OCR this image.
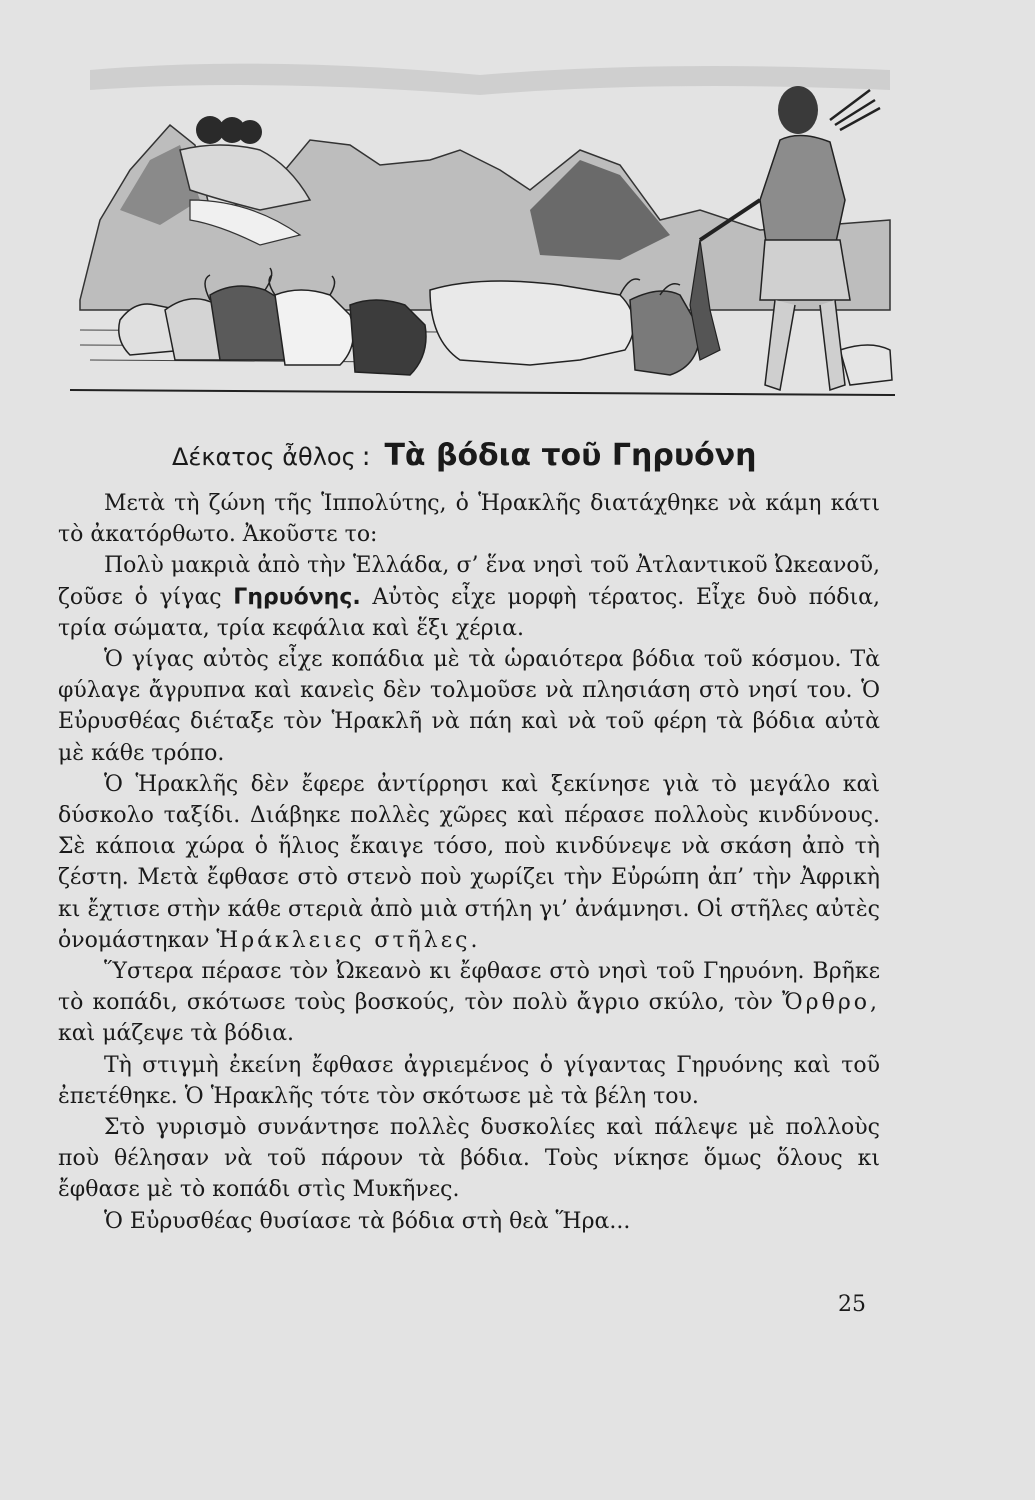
Δέκατος ἆθλος : Τὰ βόδια τοῦ Γηρυόνη

Μετὰ τὴ ζώνη τῆς Ἱππολύτης, ὁ Ἡρακλῆς διατάχθηκε νὰ κάμη κάτι τὸ ἀκατόρθωτο. Ἀκοῦστε το:

Πολὺ μακριὰ ἀπὸ τὴν Ἑλλάδα, σ’ ἕνα νησὶ τοῦ Ἀτλαντικοῦ Ὠκεανοῦ, ζοῦσε ὁ γίγας Γηρυόνης. Αὐτὸς εἶχε μορφὴ τέρατος. Εἶχε δυὸ πόδια, τρία σώματα, τρία κεφάλια καὶ ἕξι χέρια.

Ὁ γίγας αὐτὸς εἶχε κοπάδια μὲ τὰ ὡραιότερα βόδια τοῦ κόσμου. Τὰ φύλαγε ἄγρυπνα καὶ κανεὶς δὲν τολμοῦσε νὰ πλησιάση στὸ νησί του. Ὁ Εὐρυσθέας διέταξε τὸν Ἡρακλῆ νὰ πάη καὶ νὰ τοῦ φέρη τὰ βόδια αὐτὰ μὲ κάθε τρόπο.

Ὁ Ἡρακλῆς δὲν ἔφερε ἀντίρρησι καὶ ξεκίνησε γιὰ τὸ μεγάλο καὶ δύσκολο ταξίδι. Διάβηκε πολλὲς χῶρες καὶ πέρασε πολλοὺς κινδύνους. Σὲ κάποια χώρα ὁ ἥλιος ἔκαιγε τόσο, ποὺ κινδύνεψε νὰ σκάση ἀπὸ τὴ ζέστη. Μετὰ ἔφθασε στὸ στενὸ ποὺ χωρίζει τὴν Εὐρώπη ἀπ’ τὴν Ἀφρικὴ κι ἔχτισε στὴν κάθε στεριὰ ἀπὸ μιὰ στήλη γι’ ἀνάμνησι. Οἱ στῆλες αὐτὲς ὀνομάστηκαν Ἡράκλειες στῆλες.

Ὕστερα πέρασε τὸν Ὠκεανὸ κι ἔφθασε στὸ νησὶ τοῦ Γηρυόνη. Βρῆκε τὸ κοπάδι, σκότωσε τοὺς βοσκούς, τὸν πολὺ ἄγριο σκύλο, τὸν Ὄρθρο, καὶ μάζεψε τὰ βόδια.

Τὴ στιγμὴ ἐκείνη ἔφθασε ἀγριεμένος ὁ γίγαντας Γηρυόνης καὶ τοῦ ἐπετέθηκε. Ὁ Ἡρακλῆς τότε τὸν σκότωσε μὲ τὰ βέλη του.

Στὸ γυρισμὸ συνάντησε πολλὲς δυσκολίες καὶ πάλεψε μὲ πολλοὺς ποὺ θέλησαν νὰ τοῦ πάρουν τὰ βόδια. Τοὺς νίκησε ὅμως ὅλους κι ἔφθασε μὲ τὸ κοπάδι στὶς Μυκῆνες.

Ὁ Εὐρυσθέας θυσίασε τὰ βόδια στὴ θεὰ Ἥρα...

25
